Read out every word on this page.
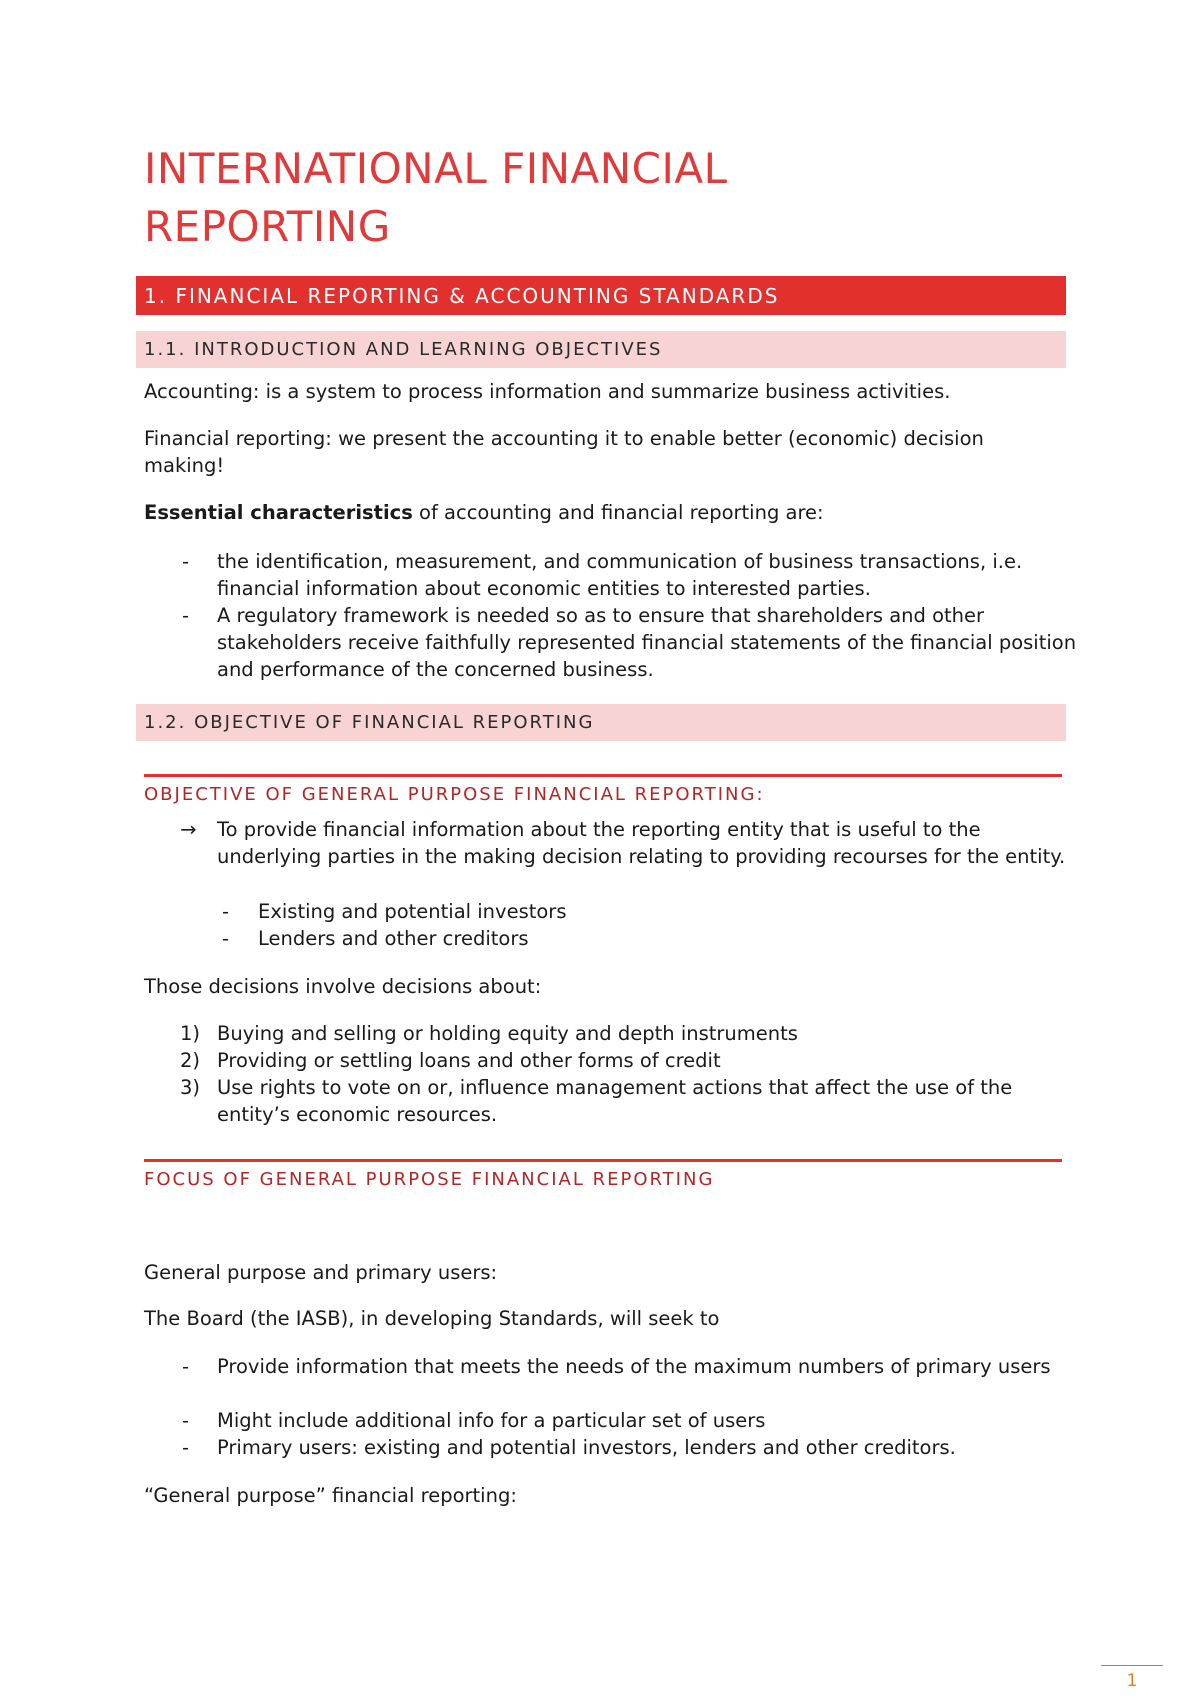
INTERNATIONAL FINANCIAL REPORTING
1. FINANCIAL REPORTING & ACCOUNTING STANDARDS
1.1. INTRODUCTION AND LEARNING OBJECTIVES
Accounting: is a system to process information and summarize business activities.
Financial reporting: we present the accounting it to enable better (economic) decision making!
Essential characteristics of accounting and financial reporting are:
- the identification, measurement, and communication of business transactions, i.e. financial information about economic entities to interested parties.
- A regulatory framework is needed so as to ensure that shareholders and other stakeholders receive faithfully represented financial statements of the financial position and performance of the concerned business.
1.2. OBJECTIVE OF FINANCIAL REPORTING
OBJECTIVE OF GENERAL PURPOSE FINANCIAL REPORTING:
→ To provide financial information about the reporting entity that is useful to the underlying parties in the making decision relating to providing recourses for the entity.
- Existing and potential investors
- Lenders and other creditors
Those decisions involve decisions about:
1) Buying and selling or holding equity and depth instruments
2) Providing or settling loans and other forms of credit
3) Use rights to vote on or, influence management actions that affect the use of the entity’s economic resources.
FOCUS OF GENERAL PURPOSE FINANCIAL REPORTING
General purpose and primary users:
The Board (the IASB), in developing Standards, will seek to
- Provide information that meets the needs of the maximum numbers of primary users
- Might include additional info for a particular set of users
- Primary users: existing and potential investors, lenders and other creditors.
“General purpose” financial reporting:
1
